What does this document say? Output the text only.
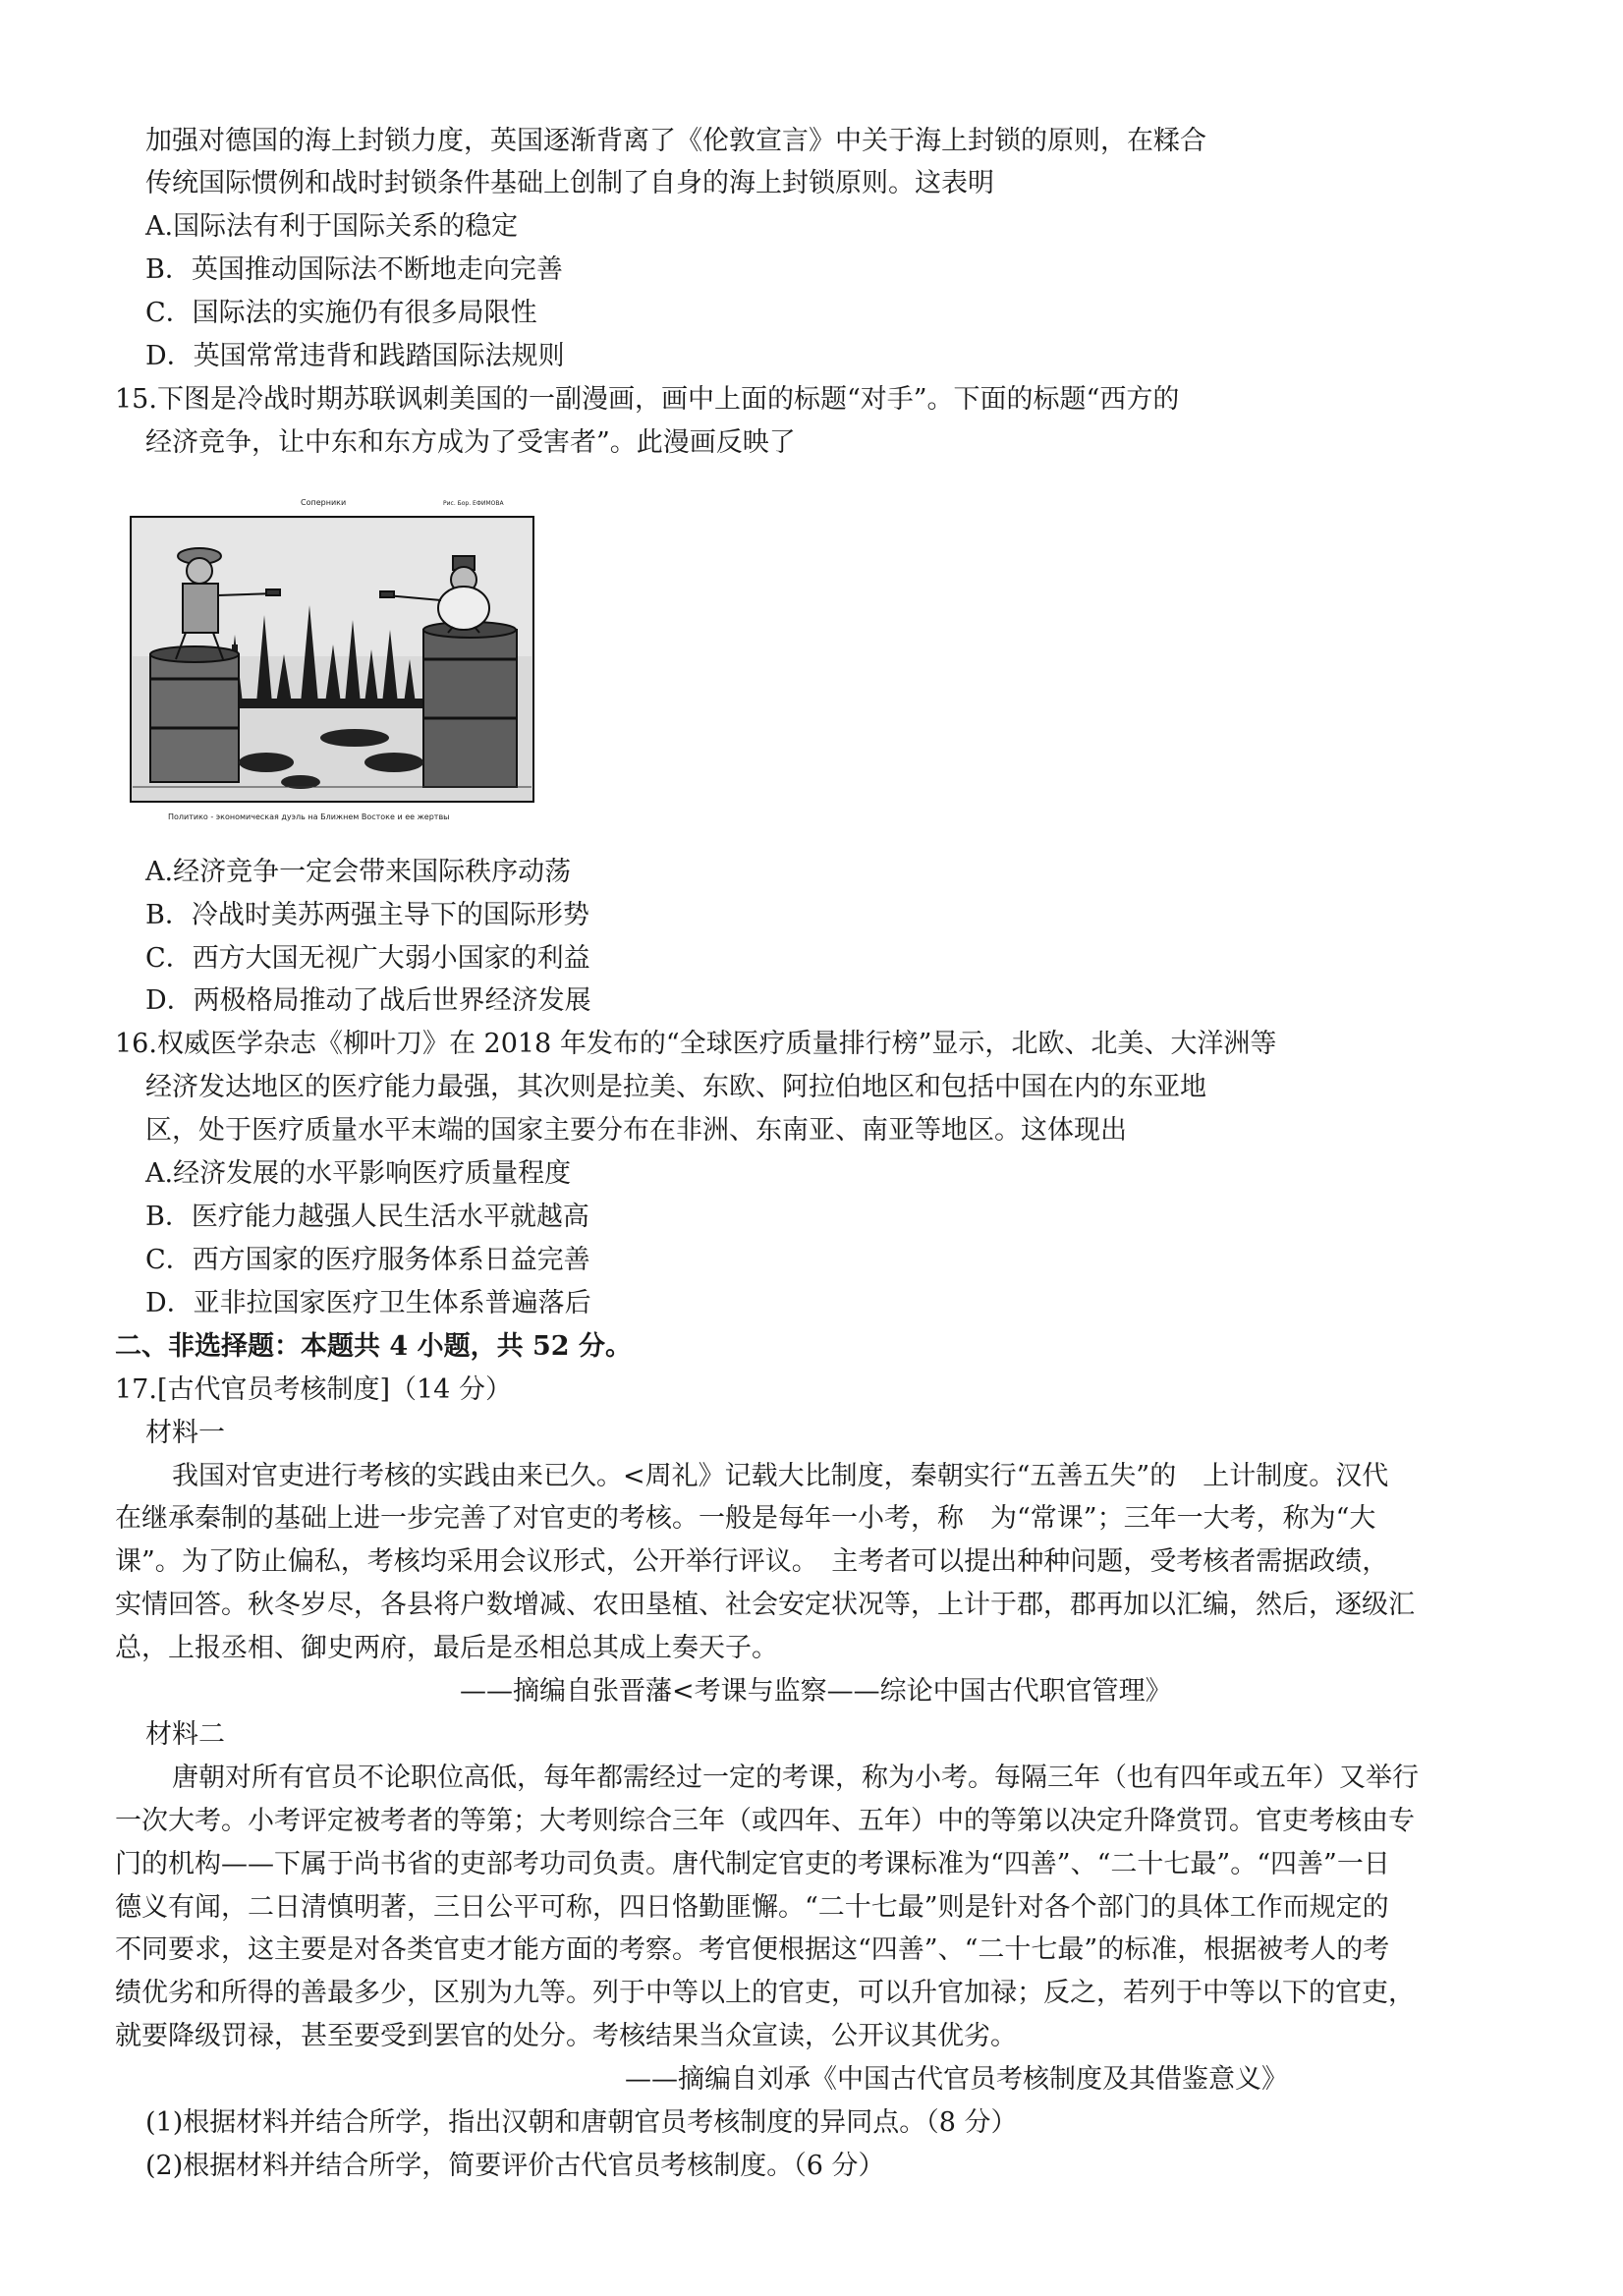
加强对德国的海上封锁力度，英国逐渐背离了《伦敦宣言》中关于海上封锁的原则，在糅合
传统国际惯例和战时封锁条件基础上创制了自身的海上封锁原则。这表明
A.国际法有利于国际关系的稳定
B．英国推动国际法不断地走向完善
C．国际法的实施仍有很多局限性
D．英国常常违背和践踏国际法规则
15.下图是冷战时期苏联讽刺美国的一副漫画，画中上面的标题“对手”。下面的标题“西方的
经济竞争，让中东和东方成为了受害者”。此漫画反映了
Соперники	Рис. Бор. ЕФИМОВА
Политико - экономическая дуэль на Ближнем Востоке и ее жертвы
A.经济竞争一定会带来国际秩序动荡
B．冷战时美苏两强主导下的国际形势
C．西方大国无视广大弱小国家的利益
D．两极格局推动了战后世界经济发展
16.权威医学杂志《柳叶刀》在 2018 年发布的“全球医疗质量排行榜”显示，北欧、北美、大洋洲等
经济发达地区的医疗能力最强，其次则是拉美、东欧、阿拉伯地区和包括中国在内的东亚地
区，处于医疗质量水平末端的国家主要分布在非洲、东南亚、南亚等地区。这体现出
A.经济发展的水平影响医疗质量程度
B．医疗能力越强人民生活水平就越高
C．西方国家的医疗服务体系日益完善
D．亚非拉国家医疗卫生体系普遍落后
二、非选择题：本题共 4 小题，共 52 分。
17.[古代官员考核制度]（14 分）
材料一
我国对官吏进行考核的实践由来已久。<周礼》记载大比制度，秦朝实行“五善五失”的　上计制度。汉代
在继承秦制的基础上进一步完善了对官吏的考核。一般是每年一小考，称　为“常课”；三年一大考，称为“大
课”。为了防止偏私，考核均采用会议形式，公开举行评议。　主考者可以提出种种问题，受考核者需据政绩，
实情回答。秋冬岁尽，各县将户数增减、农田垦植、社会安定状况等，上计于郡，郡再加以汇编，然后，逐级汇
总，上报丞相、御史两府，最后是丞相总其成上奏天子。
——摘编自张晋藩<考课与监察——综论中国古代职官管理》
材料二
唐朝对所有官员不论职位高低，每年都需经过一定的考课，称为小考。每隔三年（也有四年或五年）又举行
一次大考。小考评定被考者的等第；大考则综合三年（或四年、五年）中的等第以决定升降赏罚。官吏考核由专
门的机构——下属于尚书省的吏部考功司负责。唐代制定官吏的考课标准为“四善”、“二十七最”。“四善”一日
德义有闻，二日清慎明著，三日公平可称，四日恪勤匪懈。“二十七最”则是针对各个部门的具体工作而规定的
不同要求，这主要是对各类官吏才能方面的考察。考官便根据这“四善”、“二十七最”的标准，根据被考人的考
绩优劣和所得的善最多少，区别为九等。列于中等以上的官吏，可以升官加禄；反之，若列于中等以下的官吏，
就要降级罚禄，甚至要受到罢官的处分。考核结果当众宣读，公开议其优劣。
——摘编自刘承《中国古代官员考核制度及其借鉴意义》
(1)根据材料并结合所学，指出汉朝和唐朝官员考核制度的异同点。（8 分）
(2)根据材料并结合所学，简要评价古代官员考核制度。（6 分）
